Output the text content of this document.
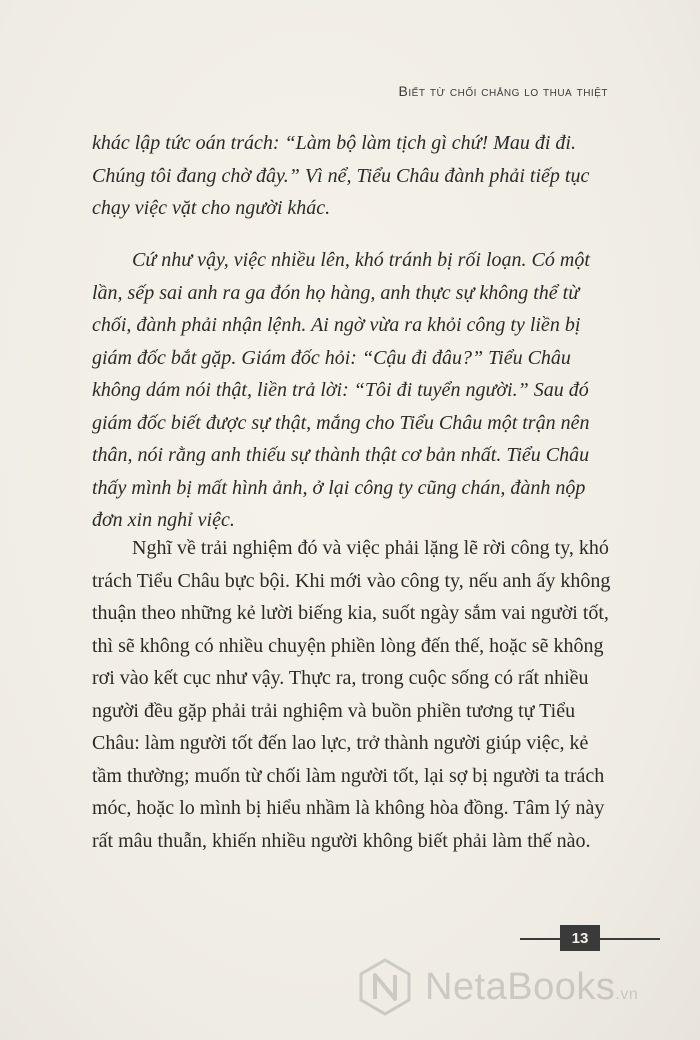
Biết từ chối chẳng lo thua thiệt

khác lập tức oán trách: “Làm bộ làm tịch gì chứ! Mau đi đi. Chúng tôi đang chờ đây.” Vì nể, Tiểu Châu đành phải tiếp tục chạy việc vặt cho người khác.

Cứ như vậy, việc nhiều lên, khó tránh bị rối loạn. Có một lần, sếp sai anh ra ga đón họ hàng, anh thực sự không thể từ chối, đành phải nhận lệnh. Ai ngờ vừa ra khỏi công ty liền bị giám đốc bắt gặp. Giám đốc hỏi: “Cậu đi đâu?” Tiểu Châu không dám nói thật, liền trả lời: “Tôi đi tuyển người.” Sau đó giám đốc biết được sự thật, mắng cho Tiểu Châu một trận nên thân, nói rằng anh thiếu sự thành thật cơ bản nhất. Tiểu Châu thấy mình bị mất hình ảnh, ở lại công ty cũng chán, đành nộp đơn xin nghỉ việc.

Nghĩ về trải nghiệm đó và việc phải lặng lẽ rời công ty, khó trách Tiểu Châu bực bội. Khi mới vào công ty, nếu anh ấy không thuận theo những kẻ lười biếng kia, suốt ngày sắm vai người tốt, thì sẽ không có nhiều chuyện phiền lòng đến thế, hoặc sẽ không rơi vào kết cục như vậy. Thực ra, trong cuộc sống có rất nhiều người đều gặp phải trải nghiệm và buồn phiền tương tự Tiểu Châu: làm người tốt đến lao lực, trở thành người giúp việc, kẻ tầm thường; muốn từ chối làm người tốt, lại sợ bị người ta trách móc, hoặc lo mình bị hiểu nhầm là không hòa đồng. Tâm lý này rất mâu thuẫn, khiến nhiều người không biết phải làm thế nào.

13
NetaBooks.vn
